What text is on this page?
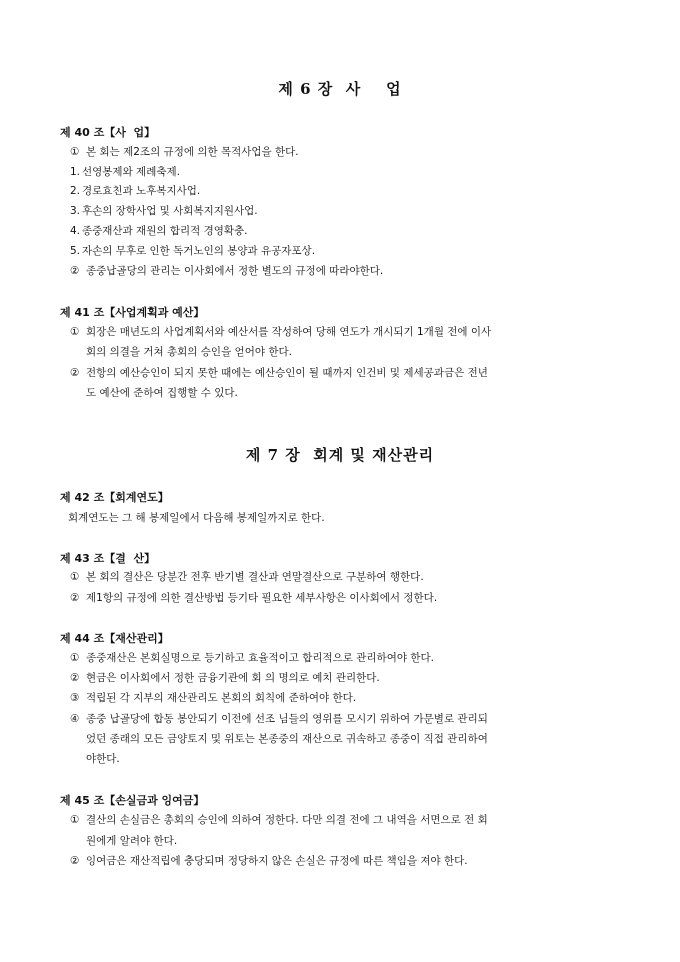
제 6 장  사    업
제 40 조【사  업】
① 본 회는 제2조의 규정에 의한 목적사업을 한다.
1. 선영봉제와 제례축제.
2. 경로효친과 노후복지사업.
3. 후손의 장학사업 및 사회복지지원사업.
4. 종중재산과 재원의 합리적 경영확충.
5. 자손의 무후로 인한 독거노인의 봉양과 유공자포상.
② 종중납골당의 관리는 이사회에서 정한 별도의 규정에 따라야한다.
제 41 조【사업계획과 예산】
① 회장은 매년도의 사업계획서와 예산서를 작성하여 당해 연도가 개시되기 1개월 전에 이사
회의 의결을 거쳐 총회의 승인을 얻어야 한다.
② 전항의 예산승인이 되지 못한 때에는 예산승인이 될 때까지 인건비 및 제세공과금은 전년
도 예산에 준하여 집행할 수 있다.
제 7 장  회계 및 재산관리
제 42 조【회계연도】
회계연도는 그 해 봉제일에서 다음해 봉제일까지로 한다.
제 43 조【결  산】
① 본 회의 결산은 당분간 전후 반기별 결산과 연말결산으로 구분하여 행한다.
② 제1항의 규정에 의한 결산방법 등기타 필요한 세부사항은 이사회에서 정한다.
제 44 조【재산관리】
① 종중재산은 본회실명으로 등기하고 효율적이고 합리적으로 관리하여야 한다.
② 현금은 이사회에서 정한 금융기관에 회 의 명의로 예치 관리한다.
③ 적립된 각 지부의 재산관리도 본회의 회칙에 준하여야 한다.
④ 종중 납골당에 합동 봉안되기 이전에 선조 님들의 영위를 모시기 위하여 가문별로 관리되
었던 종래의 모든 금양토지 및 위토는 본종중의 재산으로 귀속하고 종중이 직접 관리하여
야한다.
제 45 조【손실금과 잉여금】
① 결산의 손실금은 총회의 승인에 의하여 정한다. 다만 의결 전에 그 내역을 서면으로 전 회
원에게 알려야 한다.
② 잉여금은 재산적립에 충당되며 정당하지 않은 손실은 규정에 따른 책임을 져야 한다.
